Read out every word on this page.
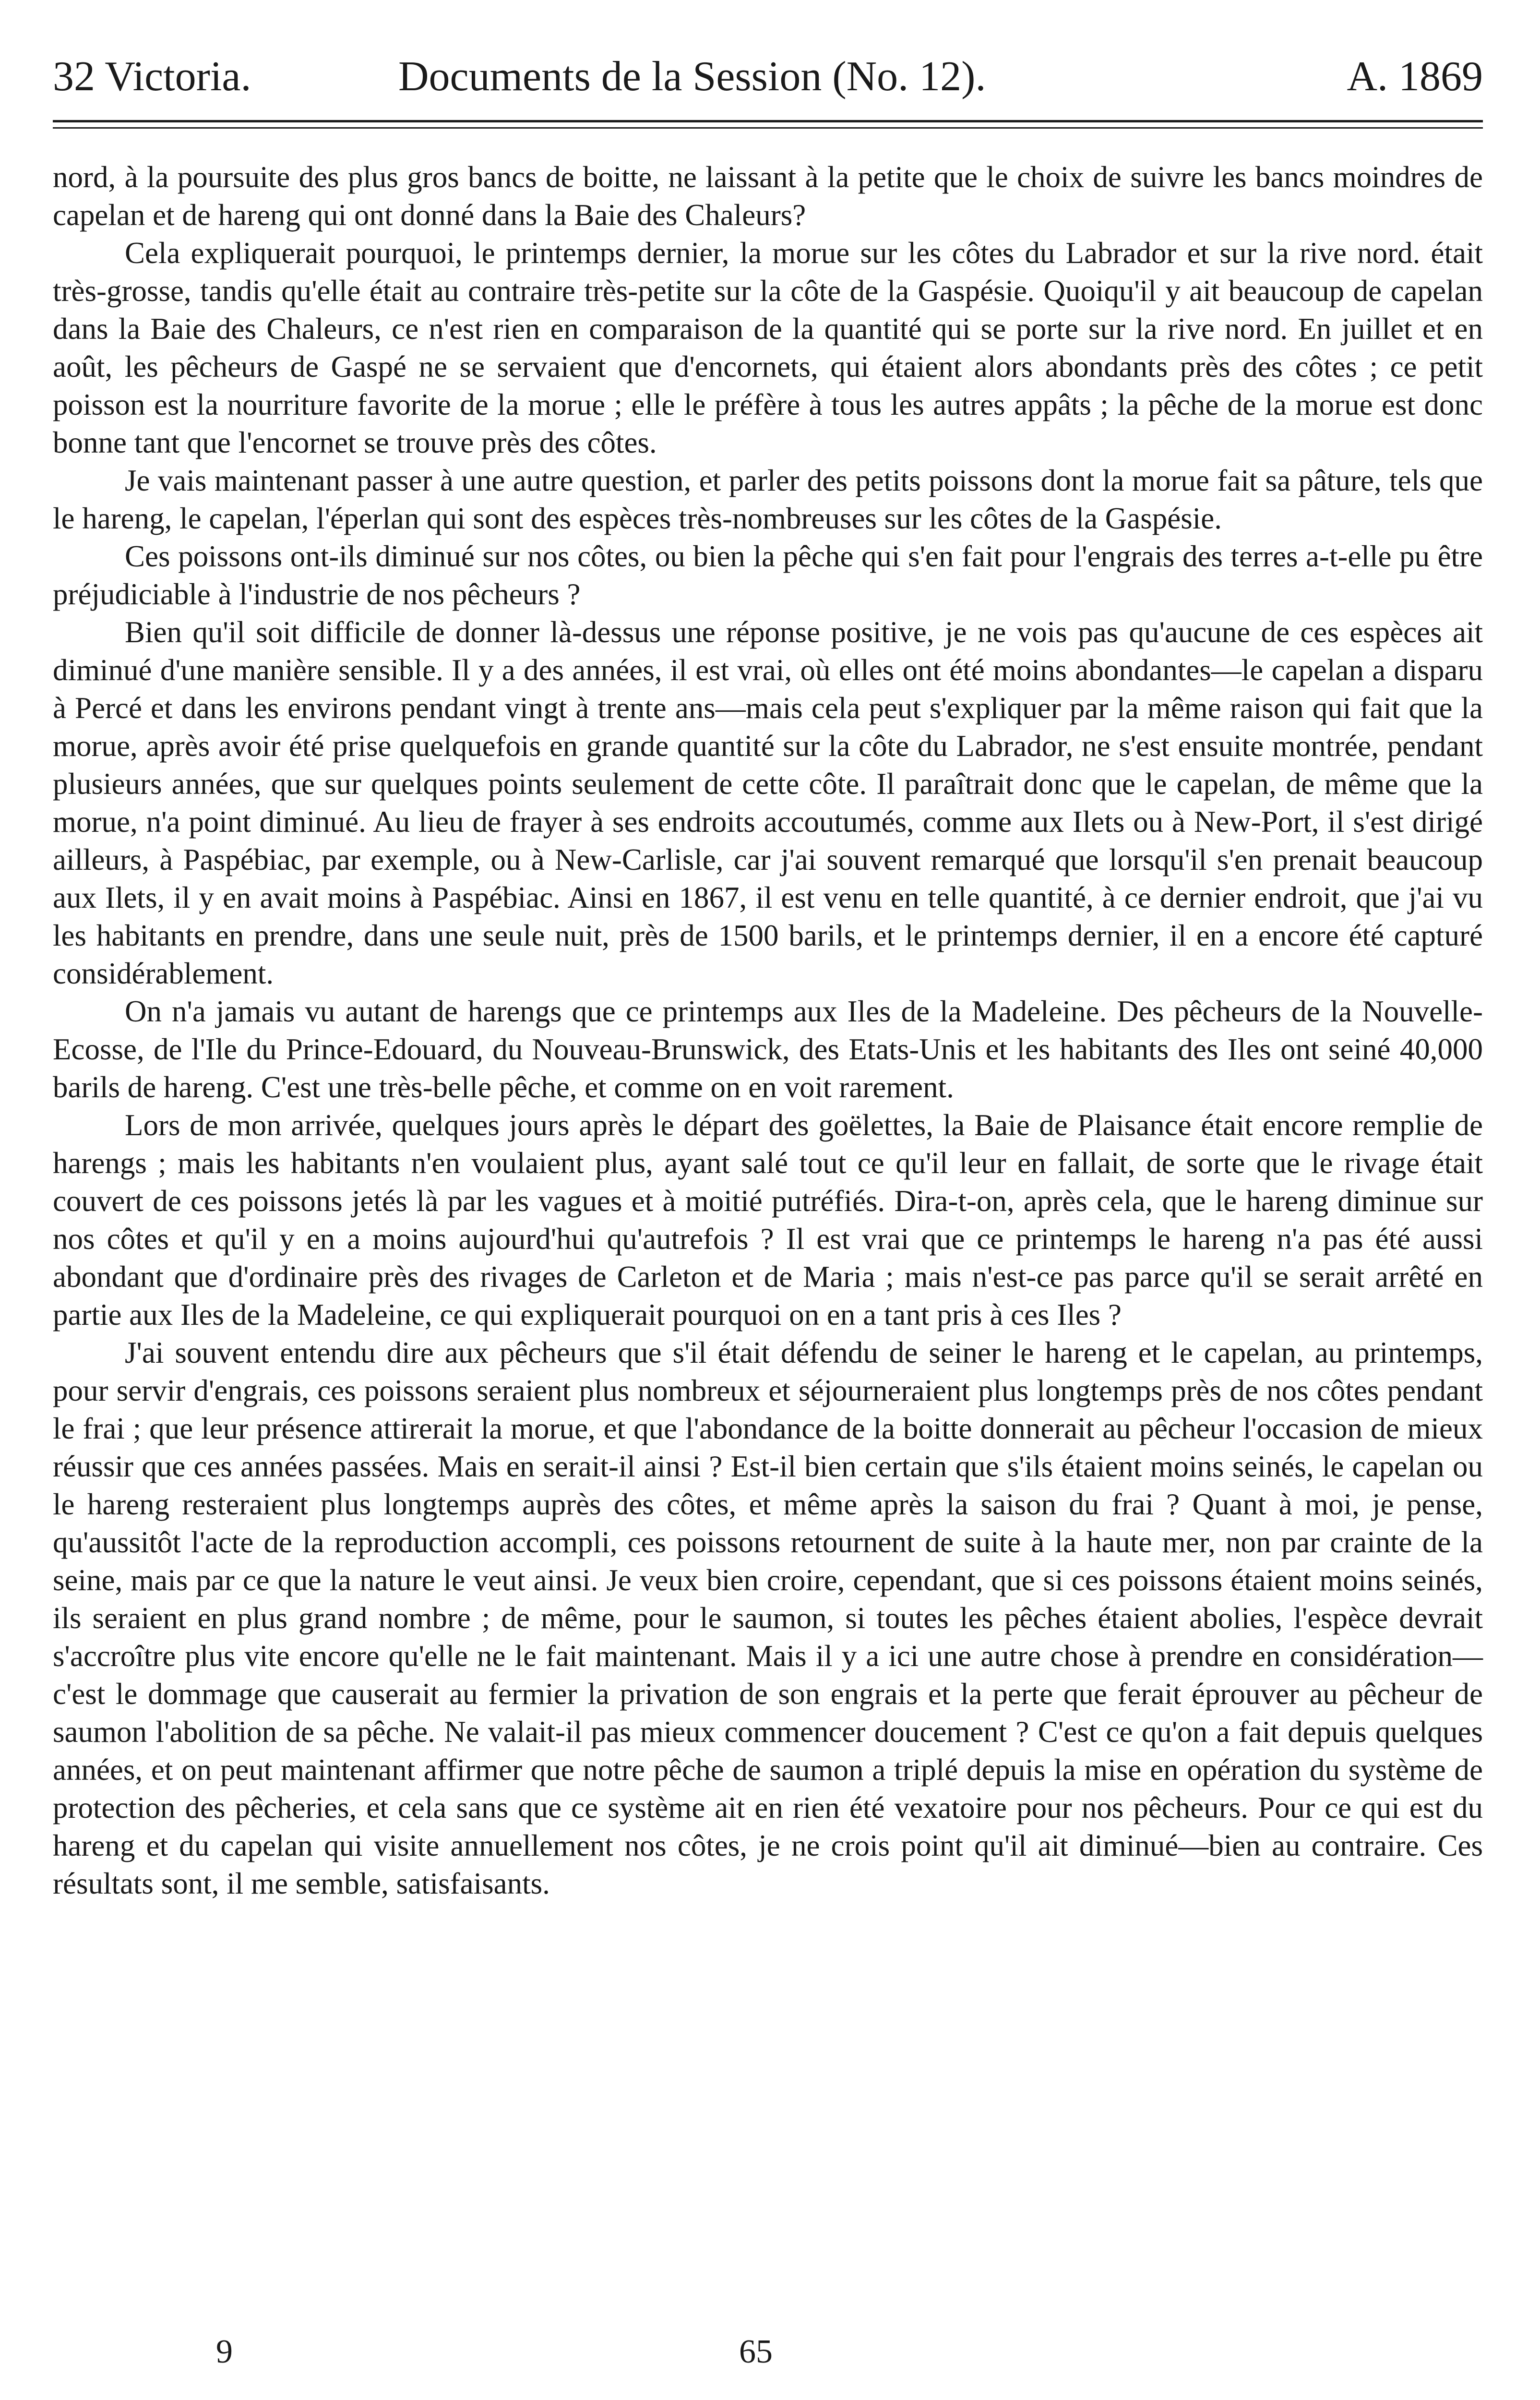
32 Victoria.	Documents de la Session (No. 12).	A. 1869

nord, à la poursuite des plus gros bancs de boitte, ne laissant à la petite que le choix de suivre les bancs moindres de capelan et de hareng qui ont donné dans la Baie des Chaleurs?

Cela expliquerait pourquoi, le printemps dernier, la morue sur les côtes du Labrador et sur la rive nord. était très-grosse, tandis qu'elle était au contraire très-petite sur la côte de la Gaspésie. Quoiqu'il y ait beaucoup de capelan dans la Baie des Chaleurs, ce n'est rien en comparaison de la quantité qui se porte sur la rive nord. En juillet et en août, les pêcheurs de Gaspé ne se servaient que d'encornets, qui étaient alors abondants près des côtes ; ce petit poisson est la nourriture favorite de la morue ; elle le préfère à tous les autres appâts ; la pêche de la morue est donc bonne tant que l'encornet se trouve près des côtes.

Je vais maintenant passer à une autre question, et parler des petits poissons dont la morue fait sa pâture, tels que le hareng, le capelan, l'éperlan qui sont des espèces très-nombreuses sur les côtes de la Gaspésie.

Ces poissons ont-ils diminué sur nos côtes, ou bien la pêche qui s'en fait pour l'engrais des terres a-t-elle pu être préjudiciable à l'industrie de nos pêcheurs ?

Bien qu'il soit difficile de donner là-dessus une réponse positive, je ne vois pas qu'aucune de ces espèces ait diminué d'une manière sensible. Il y a des années, il est vrai, où elles ont été moins abondantes—le capelan a disparu à Percé et dans les environs pendant vingt à trente ans—mais cela peut s'expliquer par la même raison qui fait que la morue, après avoir été prise quelquefois en grande quantité sur la côte du Labrador, ne s'est ensuite montrée, pendant plusieurs années, que sur quelques points seulement de cette côte. Il paraîtrait donc que le capelan, de même que la morue, n'a point diminué. Au lieu de frayer à ses endroits accoutumés, comme aux Ilets ou à New-Port, il s'est dirigé ailleurs, à Paspébiac, par exemple, ou à New-Carlisle, car j'ai souvent remarqué que lorsqu'il s'en prenait beaucoup aux Ilets, il y en avait moins à Paspébiac. Ainsi en 1867, il est venu en telle quantité, à ce dernier endroit, que j'ai vu les habitants en prendre, dans une seule nuit, près de 1500 barils, et le printemps dernier, il en a encore été capturé considérablement.

On n'a jamais vu autant de harengs que ce printemps aux Iles de la Madeleine. Des pêcheurs de la Nouvelle-Ecosse, de l'Ile du Prince-Edouard, du Nouveau-Brunswick, des Etats-Unis et les habitants des Iles ont seiné 40,000 barils de hareng. C'est une très-belle pêche, et comme on en voit rarement.

Lors de mon arrivée, quelques jours après le départ des goëlettes, la Baie de Plaisance était encore remplie de harengs ; mais les habitants n'en voulaient plus, ayant salé tout ce qu'il leur en fallait, de sorte que le rivage était couvert de ces poissons jetés là par les vagues et à moitié putréfiés. Dira-t-on, après cela, que le hareng diminue sur nos côtes et qu'il y en a moins aujourd'hui qu'autrefois ? Il est vrai que ce printemps le hareng n'a pas été aussi abondant que d'ordinaire près des rivages de Carleton et de Maria ; mais n'est-ce pas parce qu'il se serait arrêté en partie aux Iles de la Madeleine, ce qui expliquerait pourquoi on en a tant pris à ces Iles ?

J'ai souvent entendu dire aux pêcheurs que s'il était défendu de seiner le hareng et le capelan, au printemps, pour servir d'engrais, ces poissons seraient plus nombreux et séjourneraient plus longtemps près de nos côtes pendant le frai ; que leur présence attirerait la morue, et que l'abondance de la boitte donnerait au pêcheur l'occasion de mieux réussir que ces années passées. Mais en serait-il ainsi ? Est-il bien certain que s'ils étaient moins seinés, le capelan ou le hareng resteraient plus longtemps auprès des côtes, et même après la saison du frai ? Quant à moi, je pense, qu'aussitôt l'acte de la reproduction accompli, ces poissons retournent de suite à la haute mer, non par crainte de la seine, mais par ce que la nature le veut ainsi. Je veux bien croire, cependant, que si ces poissons étaient moins seinés, ils seraient en plus grand nombre ; de même, pour le saumon, si toutes les pêches étaient abolies, l'espèce devrait s'accroître plus vite encore qu'elle ne le fait maintenant. Mais il y a ici une autre chose à prendre en considération—c'est le dommage que causerait au fermier la privation de son engrais et la perte que ferait éprouver au pêcheur de saumon l'abolition de sa pêche. Ne valait-il pas mieux commencer doucement ? C'est ce qu'on a fait depuis quelques années, et on peut maintenant affirmer que notre pêche de saumon a triplé depuis la mise en opération du système de protection des pêcheries, et cela sans que ce système ait en rien été vexatoire pour nos pêcheurs. Pour ce qui est du hareng et du capelan qui visite annuellement nos côtes, je ne crois point qu'il ait diminué—bien au contraire. Ces résultats sont, il me semble, satisfaisants.

9	65
